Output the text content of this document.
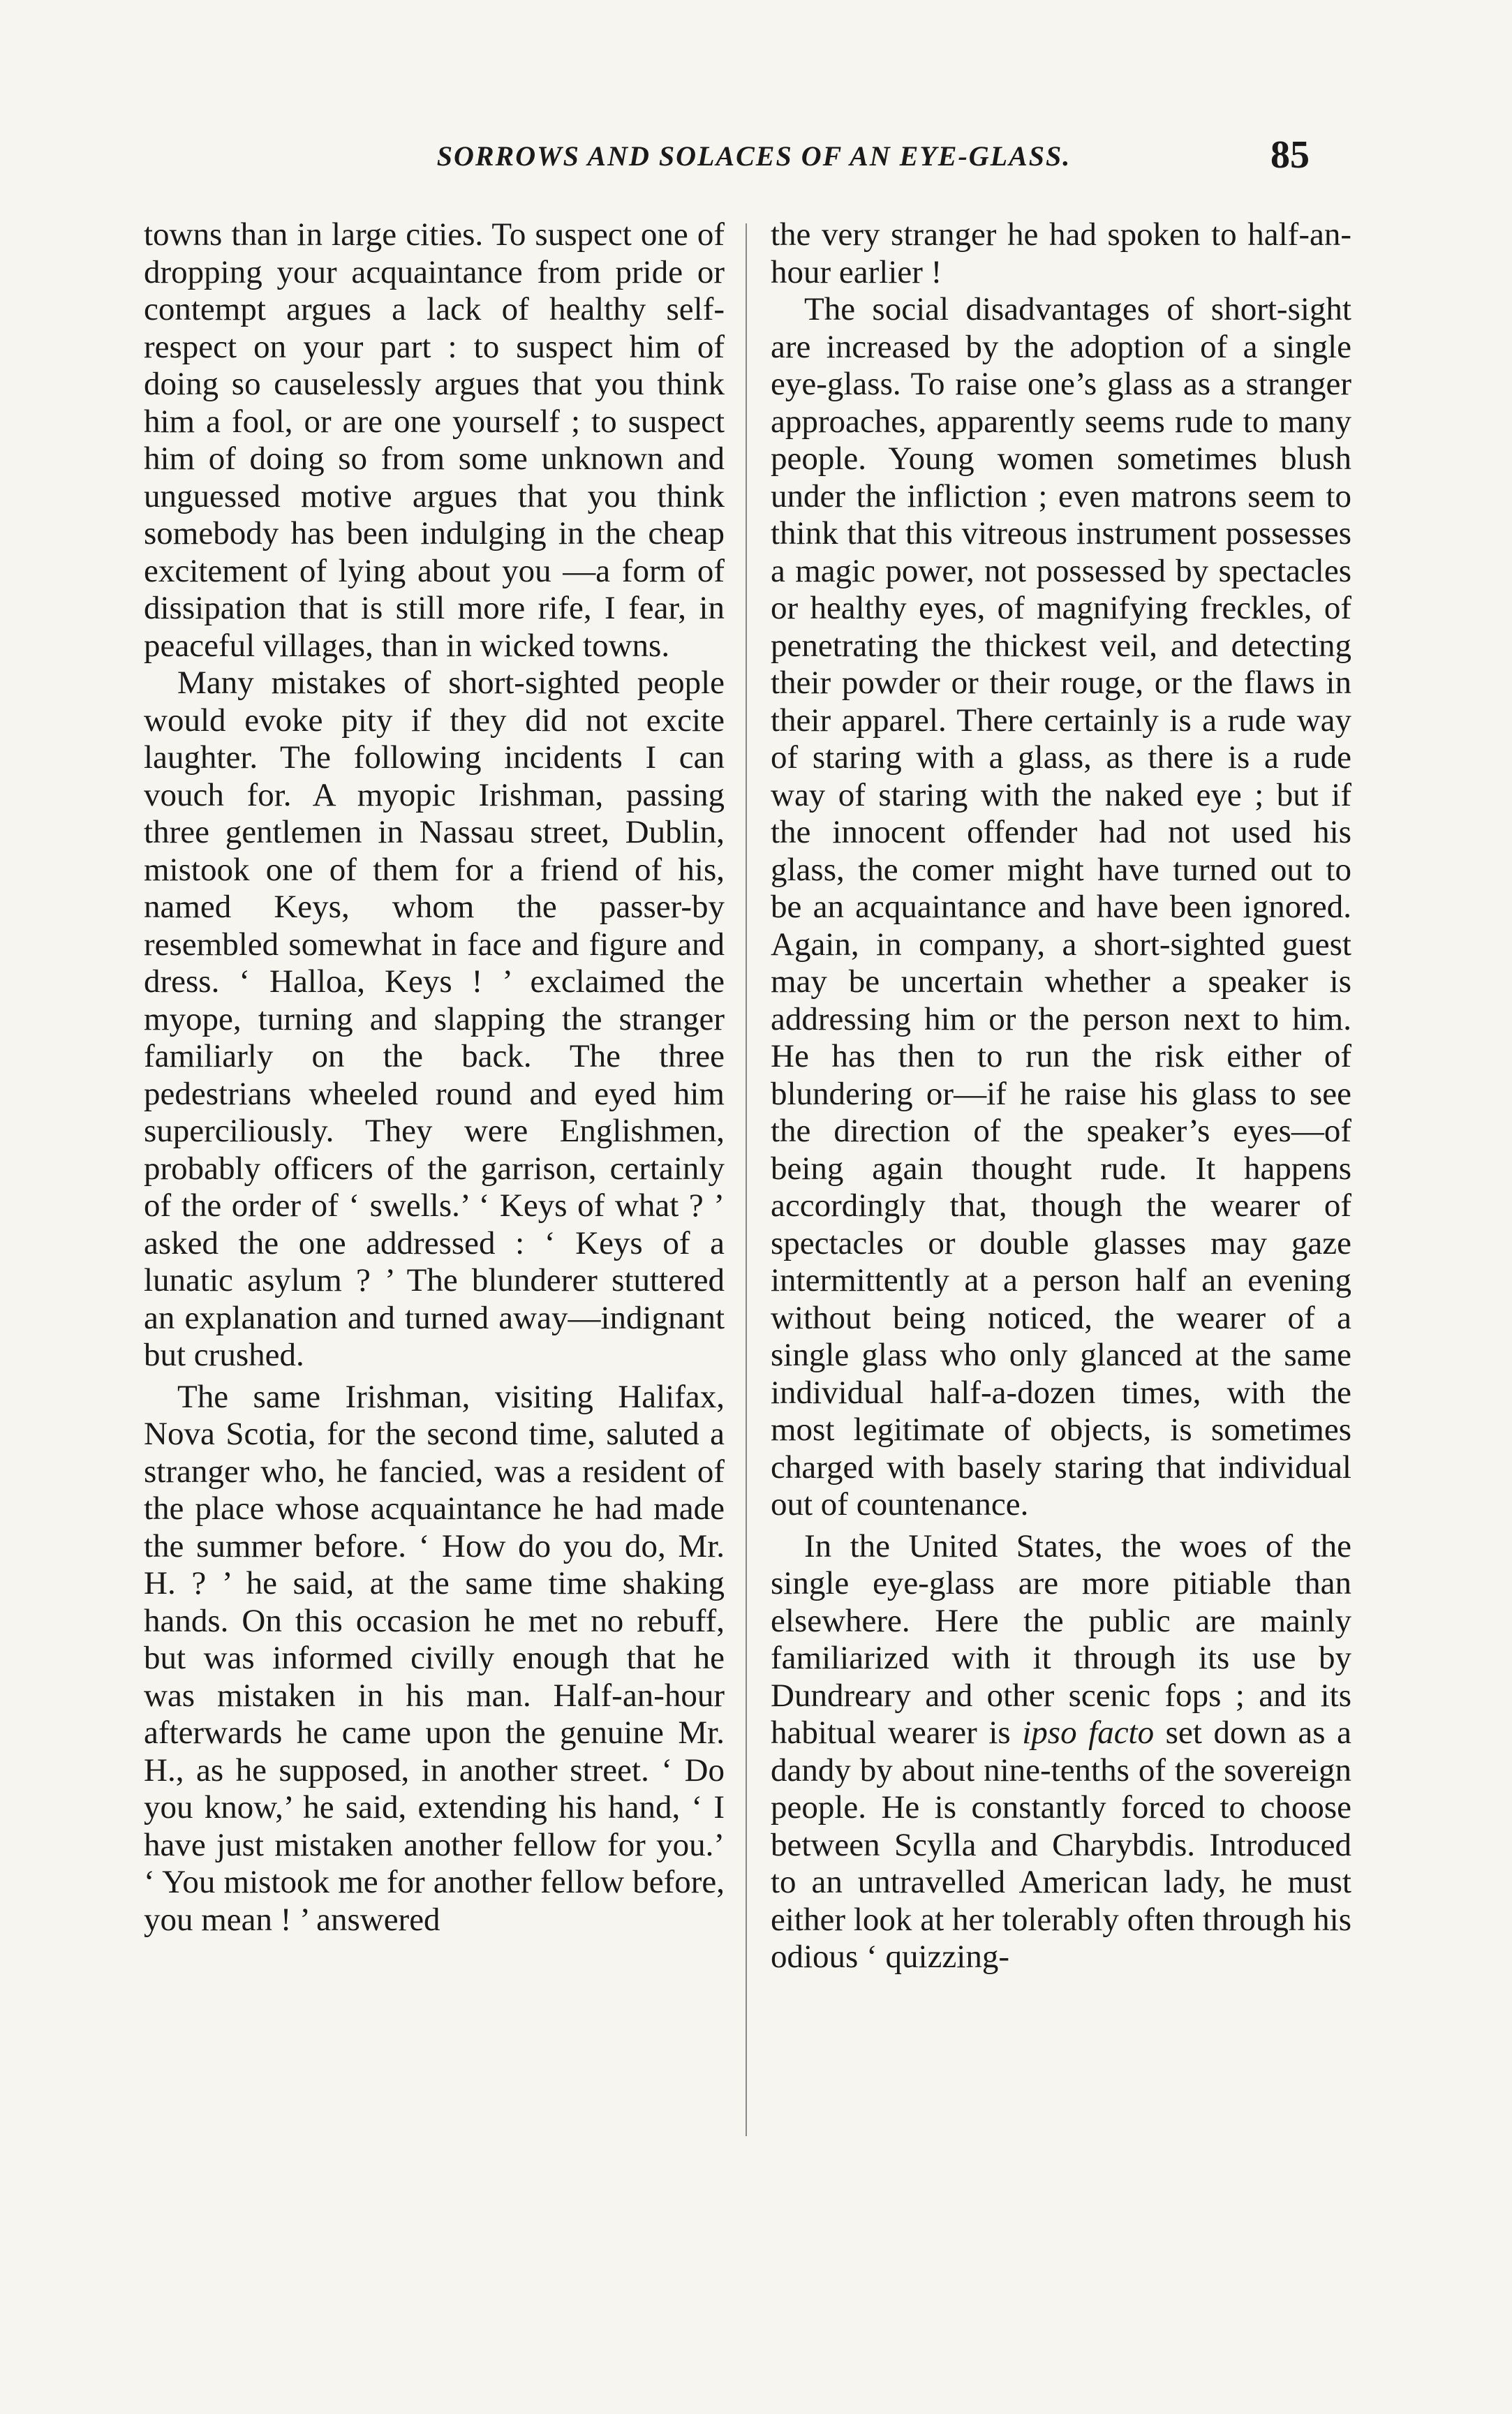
SORROWS AND SOLACES OF AN EYE-GLASS.	85

towns than in large cities. To suspect one of dropping your acquaintance from pride or contempt argues a lack of healthy self-respect on your part : to suspect him of doing so causelessly argues that you think him a fool, or are one yourself ; to suspect him of doing so from some unknown and unguessed motive argues that you think somebody has been indulging in the cheap excitement of lying about you —a form of dissipation that is still more rife, I fear, in peaceful villages, than in wicked towns.

Many mistakes of short-sighted people would evoke pity if they did not excite laughter. The following incidents I can vouch for. A myopic Irishman, passing three gentlemen in Nassau street, Dublin, mistook one of them for a friend of his, named Keys, whom the passer-by resembled somewhat in face and figure and dress. ‘ Halloa, Keys ! ’ exclaimed the myope, turning and slapping the stranger familiarly on the back. The three pedestrians wheeled round and eyed him superciliously. They were Englishmen, probably officers of the garrison, certainly of the order of ‘ swells.’ ‘ Keys of what ? ’ asked the one addressed : ‘ Keys of a lunatic asylum ? ’ The blunderer stuttered an explanation and turned away—indignant but crushed.

The same Irishman, visiting Halifax, Nova Scotia, for the second time, saluted a stranger who, he fancied, was a resident of the place whose acquaintance he had made the summer before. ‘ How do you do, Mr. H. ? ’ he said, at the same time shaking hands. On this occasion he met no rebuff, but was informed civilly enough that he was mistaken in his man. Half-an-hour afterwards he came upon the genuine Mr. H., as he supposed, in another street. ‘ Do you know,’ he said, extending his hand, ‘ I have just mistaken another fellow for you.’ ‘ You mistook me for another fellow before, you mean ! ’ answered

the very stranger he had spoken to half-an-hour earlier !

The social disadvantages of short-sight are increased by the adoption of a single eye-glass. To raise one’s glass as a stranger approaches, apparently seems rude to many people. Young women sometimes blush under the infliction ; even matrons seem to think that this vitreous instrument possesses a magic power, not possessed by spectacles or healthy eyes, of magnifying freckles, of penetrating the thickest veil, and detecting their powder or their rouge, or the flaws in their apparel. There certainly is a rude way of staring with a glass, as there is a rude way of staring with the naked eye ; but if the innocent offender had not used his glass, the comer might have turned out to be an acquaintance and have been ignored. Again, in company, a short-sighted guest may be uncertain whether a speaker is addressing him or the person next to him. He has then to run the risk either of blundering or—if he raise his glass to see the direction of the speaker’s eyes—of being again thought rude. It happens accordingly that, though the wearer of spectacles or double glasses may gaze intermittently at a person half an evening without being noticed, the wearer of a single glass who only glanced at the same individual half-a-dozen times, with the most legitimate of objects, is sometimes charged with basely staring that individual out of countenance.

In the United States, the woes of the single eye-glass are more pitiable than elsewhere. Here the public are mainly familiarized with it through its use by Dundreary and other scenic fops ; and its habitual wearer is ipso facto set down as a dandy by about nine-tenths of the sovereign people. He is constantly forced to choose between Scylla and Charybdis. Introduced to an untravelled American lady, he must either look at her tolerably often through his odious ‘ quizzing-
